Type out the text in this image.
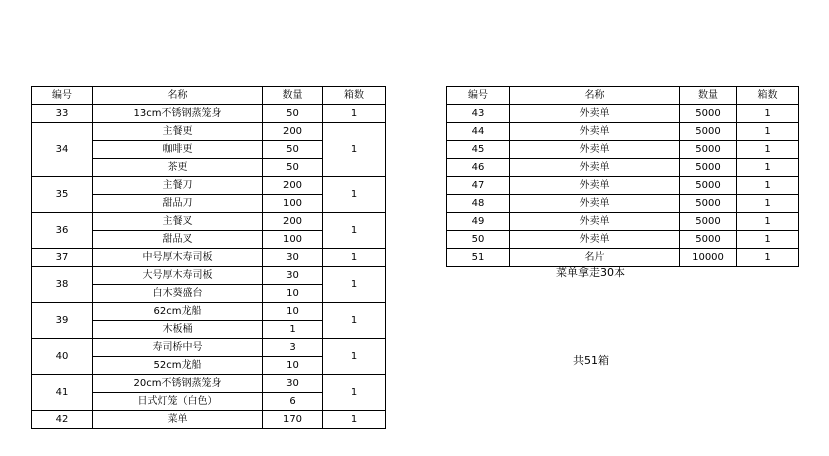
编号	名称	数量	箱数
33	13cm不锈钢蒸笼身	50	1
34	主餐更	200	1
	咖啡更	50	
	茶更	50	
35	主餐刀	200	1
	甜品刀	100	
36	主餐叉	200	1
	甜品叉	100	
37	中号厚木寿司板	30	1
38	大号厚木寿司板	30	1
	白木葵盛台	10	
39	62cm龙船	10	1
	木板桶	1	
40	寿司桥中号	3	1
	52cm龙船	10	
41	20cm不锈钢蒸笼身	30	1
	日式灯笼（白色）	6	
42	菜单	170	1
编号	名称	数量	箱数
43	外卖单	5000	1
44	外卖单	5000	1
45	外卖单	5000	1
46	外卖单	5000	1
47	外卖单	5000	1
48	外卖单	5000	1
49	外卖单	5000	1
50	外卖单	5000	1
51	名片	10000	1
菜单拿走30本
共51箱
